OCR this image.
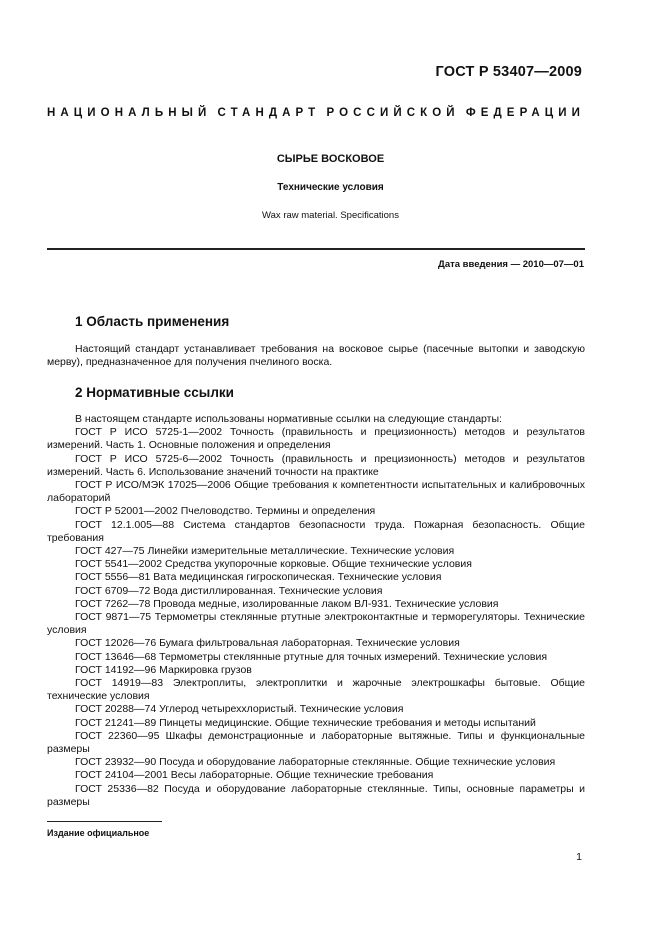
ГОСТ Р 53407—2009
НАЦИОНАЛЬНЫЙ СТАНДАРТ РОССИЙСКОЙ ФЕДЕРАЦИИ
СЫРЬЕ ВОСКОВОЕ
Технические условия
Wax raw material. Specifications
Дата введения — 2010—07—01
1 Область применения
Настоящий стандарт устанавливает требования на восковое сырье (пасечные вытопки и заводскую мерву), предназначенное для получения пчелиного воска.
2 Нормативные ссылки
В настоящем стандарте использованы нормативные ссылки на следующие стандарты:
ГОСТ Р ИСО 5725-1—2002 Точность (правильность и прецизионность) методов и результатов измерений. Часть 1. Основные положения и определения
ГОСТ Р ИСО 5725-6—2002 Точность (правильность и прецизионность) методов и результатов измерений. Часть 6. Использование значений точности на практике
ГОСТ Р ИСО/МЭК 17025—2006 Общие требования к компетентности испытательных и калибровочных лабораторий
ГОСТ Р 52001—2002 Пчеловодство. Термины и определения
ГОСТ 12.1.005—88 Система стандартов безопасности труда. Пожарная безопасность. Общие требования
ГОСТ 427—75 Линейки измерительные металлические. Технические условия
ГОСТ 5541—2002 Средства укупорочные корковые. Общие технические условия
ГОСТ 5556—81 Вата медицинская гигроскопическая. Технические условия
ГОСТ 6709—72 Вода дистиллированная. Технические условия
ГОСТ 7262—78 Провода медные, изолированные лаком ВЛ-931. Технические условия
ГОСТ 9871—75 Термометры стеклянные ртутные электроконтактные и терморегуляторы. Технические условия
ГОСТ 12026—76 Бумага фильтровальная лабораторная. Технические условия
ГОСТ 13646—68 Термометры стеклянные ртутные для точных измерений. Технические условия
ГОСТ 14192—96 Маркировка грузов
ГОСТ 14919—83 Электроплиты, электроплитки и жарочные электрошкафы бытовые. Общие технические условия
ГОСТ 20288—74 Углерод четыреххлористый. Технические условия
ГОСТ 21241—89 Пинцеты медицинские. Общие технические требования и методы испытаний
ГОСТ 22360—95 Шкафы демонстрационные и лабораторные вытяжные. Типы и функциональные размеры
ГОСТ 23932—90 Посуда и оборудование лабораторные стеклянные. Общие технические условия
ГОСТ 24104—2001 Весы лабораторные. Общие технические требования
ГОСТ 25336—82 Посуда и оборудование лабораторные стеклянные. Типы, основные параметры и размеры
Издание официальное
1
